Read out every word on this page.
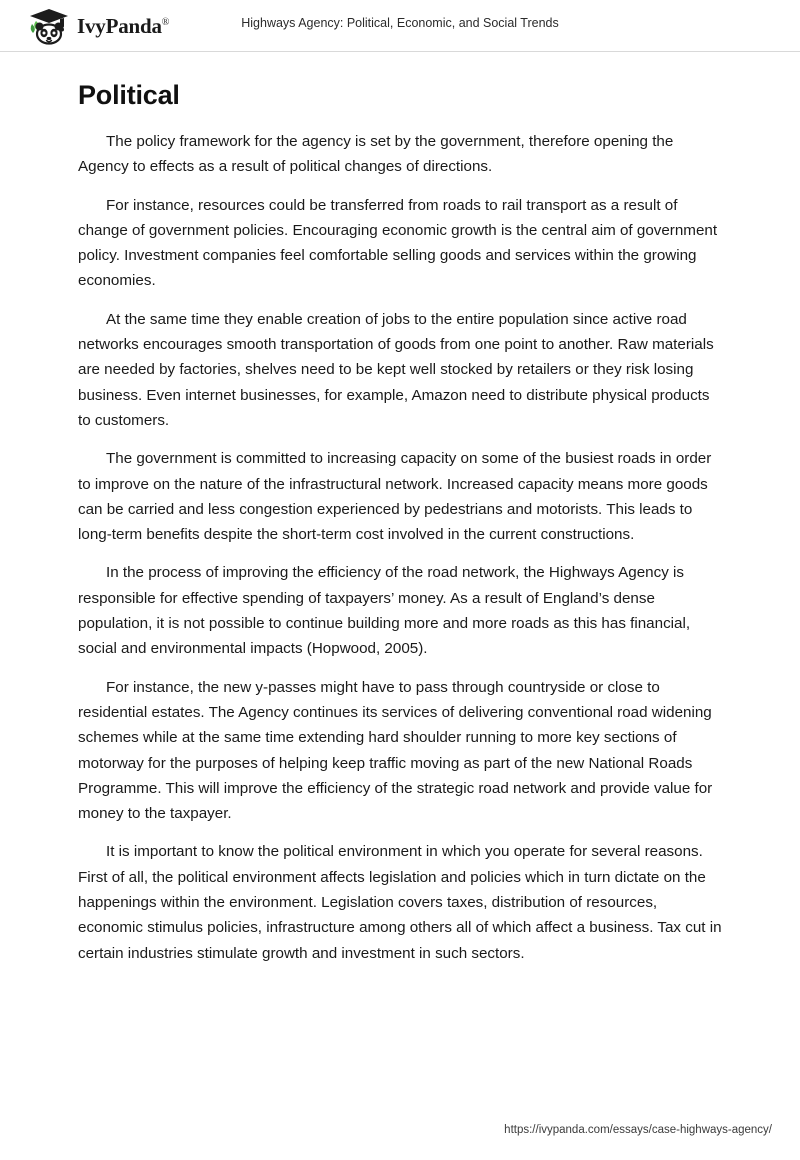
IvyPanda®	Highways Agency: Political, Economic, and Social Trends
Political

The policy framework for the agency is set by the government, therefore opening the Agency to effects as a result of political changes of directions.

For instance, resources could be transferred from roads to rail transport as a result of change of government policies. Encouraging economic growth is the central aim of government policy. Investment companies feel comfortable selling goods and services within the growing economies.

At the same time they enable creation of jobs to the entire population since active road networks encourages smooth transportation of goods from one point to another. Raw materials are needed by factories, shelves need to be kept well stocked by retailers or they risk losing business. Even internet businesses, for example, Amazon need to distribute physical products to customers.

The government is committed to increasing capacity on some of the busiest roads in order to improve on the nature of the infrastructural network. Increased capacity means more goods can be carried and less congestion experienced by pedestrians and motorists. This leads to long-term benefits despite the short-term cost involved in the current constructions.

In the process of improving the efficiency of the road network, the Highways Agency is responsible for effective spending of taxpayers’ money. As a result of England’s dense population, it is not possible to continue building more and more roads as this has financial, social and environmental impacts (Hopwood, 2005).

For instance, the new y-passes might have to pass through countryside or close to residential estates. The Agency continues its services of delivering conventional road widening schemes while at the same time extending hard shoulder running to more key sections of motorway for the purposes of helping keep traffic moving as part of the new National Roads Programme. This will improve the efficiency of the strategic road network and provide value for money to the taxpayer.

It is important to know the political environment in which you operate for several reasons. First of all, the political environment affects legislation and policies which in turn dictate on the happenings within the environment. Legislation covers taxes, distribution of resources, economic stimulus policies, infrastructure among others all of which affect a business. Tax cut in certain industries stimulate growth and investment in such sectors.

https://ivypanda.com/essays/case-highways-agency/
